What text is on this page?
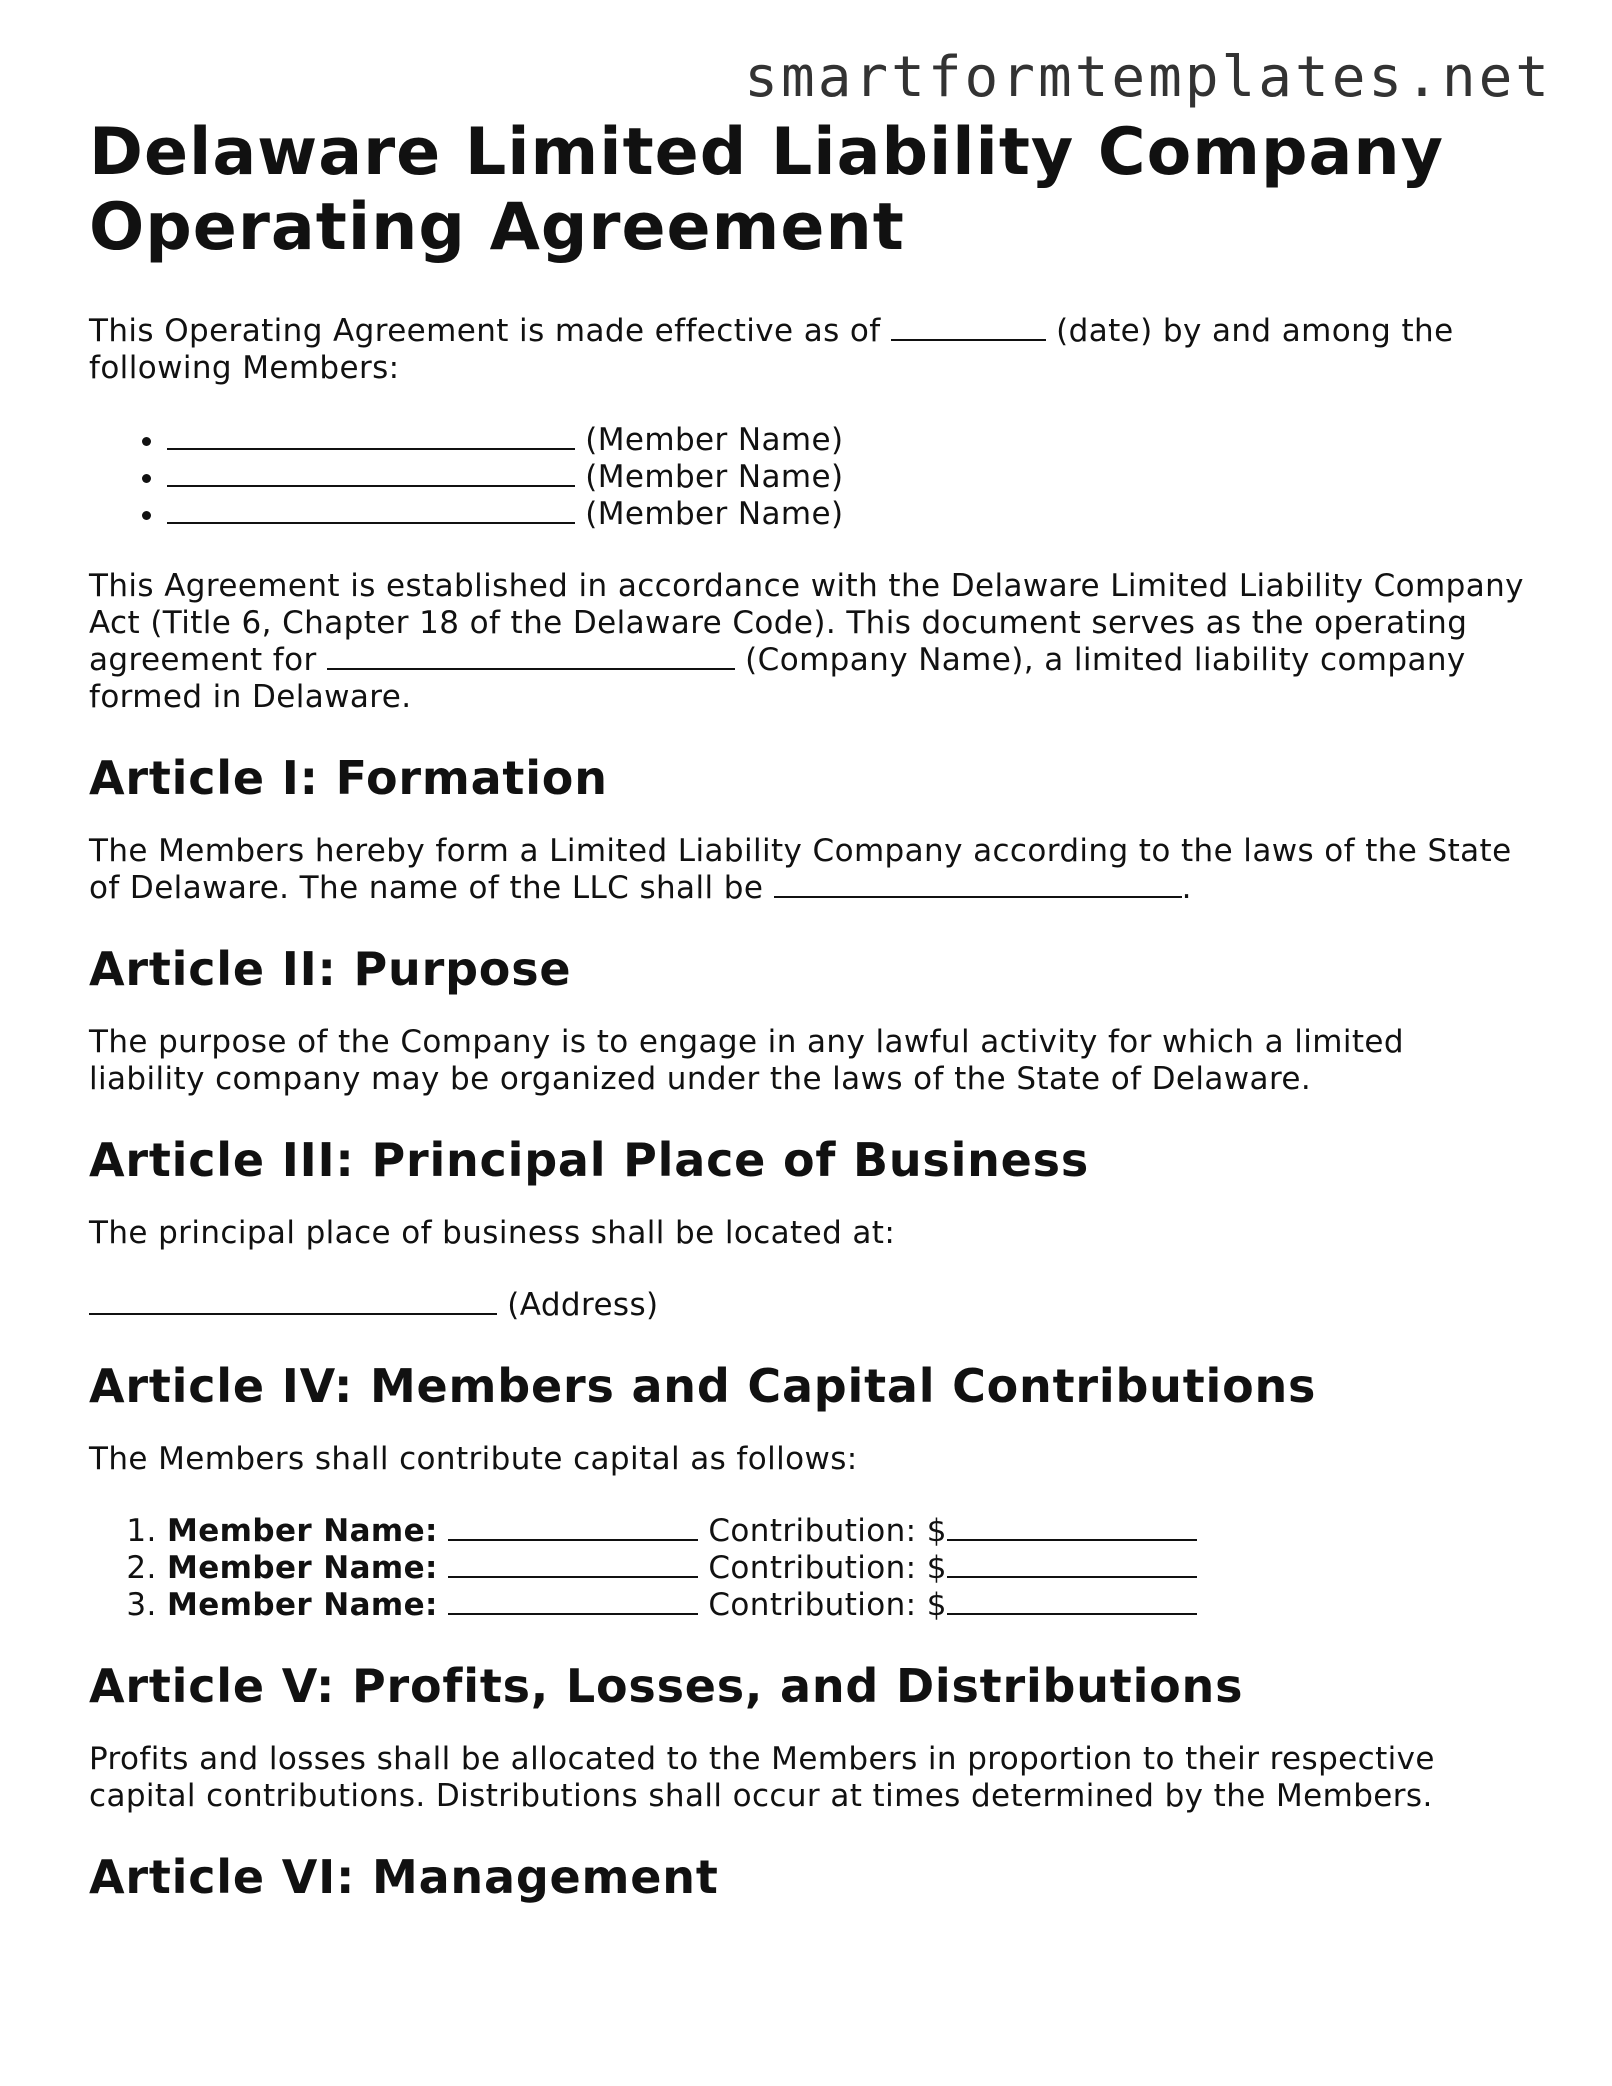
smartformtemplates.net
Delaware Limited Liability Company Operating Agreement

This Operating Agreement is made effective as of	(date) by and among the following Members:

• (Member Name)
• (Member Name)
• (Member Name)

This Agreement is established in accordance with the Delaware Limited Liability Company Act (Title 6, Chapter 18 of the Delaware Code). This document serves as the operating agreement for	(Company Name), a limited liability company formed in Delaware.

Article I: Formation

The Members hereby form a Limited Liability Company according to the laws of the State of Delaware. The name of the LLC shall be	.

Article II: Purpose

The purpose of the Company is to engage in any lawful activity for which a limited liability company may be organized under the laws of the State of Delaware.

Article III: Principal Place of Business

The principal place of business shall be located at:

(Address)

Article IV: Members and Capital Contributions

The Members shall contribute capital as follows:

1. Member Name:	Contribution: $
2. Member Name:	Contribution: $
3. Member Name:	Contribution: $
Article V: Profits, Losses, and Distributions

Profits and losses shall be allocated to the Members in proportion to their respective capital contributions. Distributions shall occur at times determined by the Members.

Article VI: Management
